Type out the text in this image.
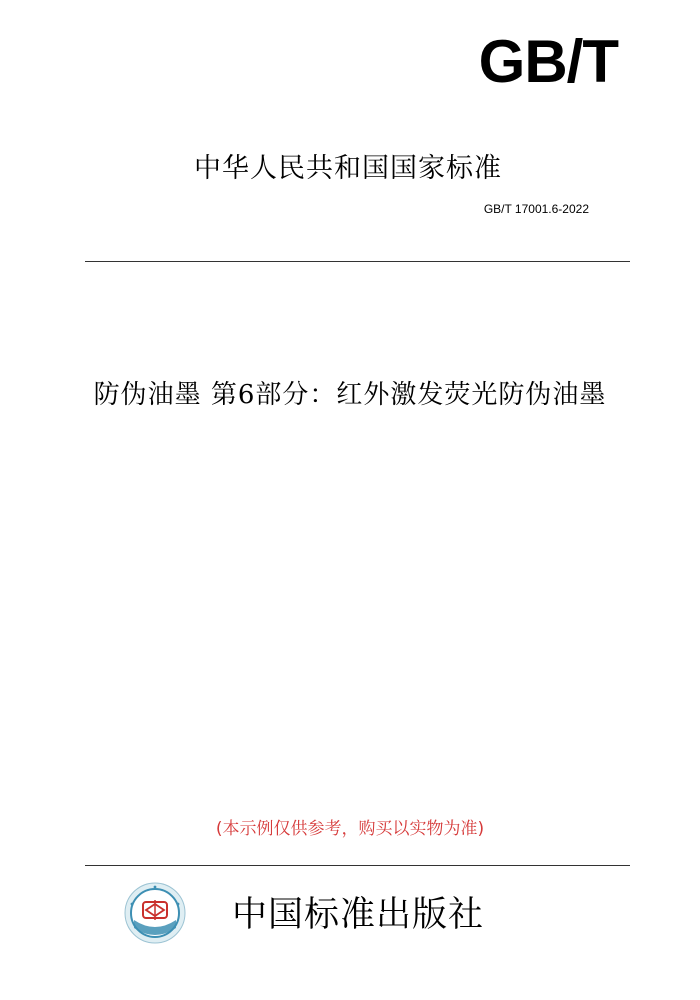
GB/T
中华人民共和国国家标准
GB/T 17001.6-2022
防伪油墨 第6部分：红外激发荧光防伪油墨
(本示例仅供参考，购买以实物为准)
中国标准出版社
